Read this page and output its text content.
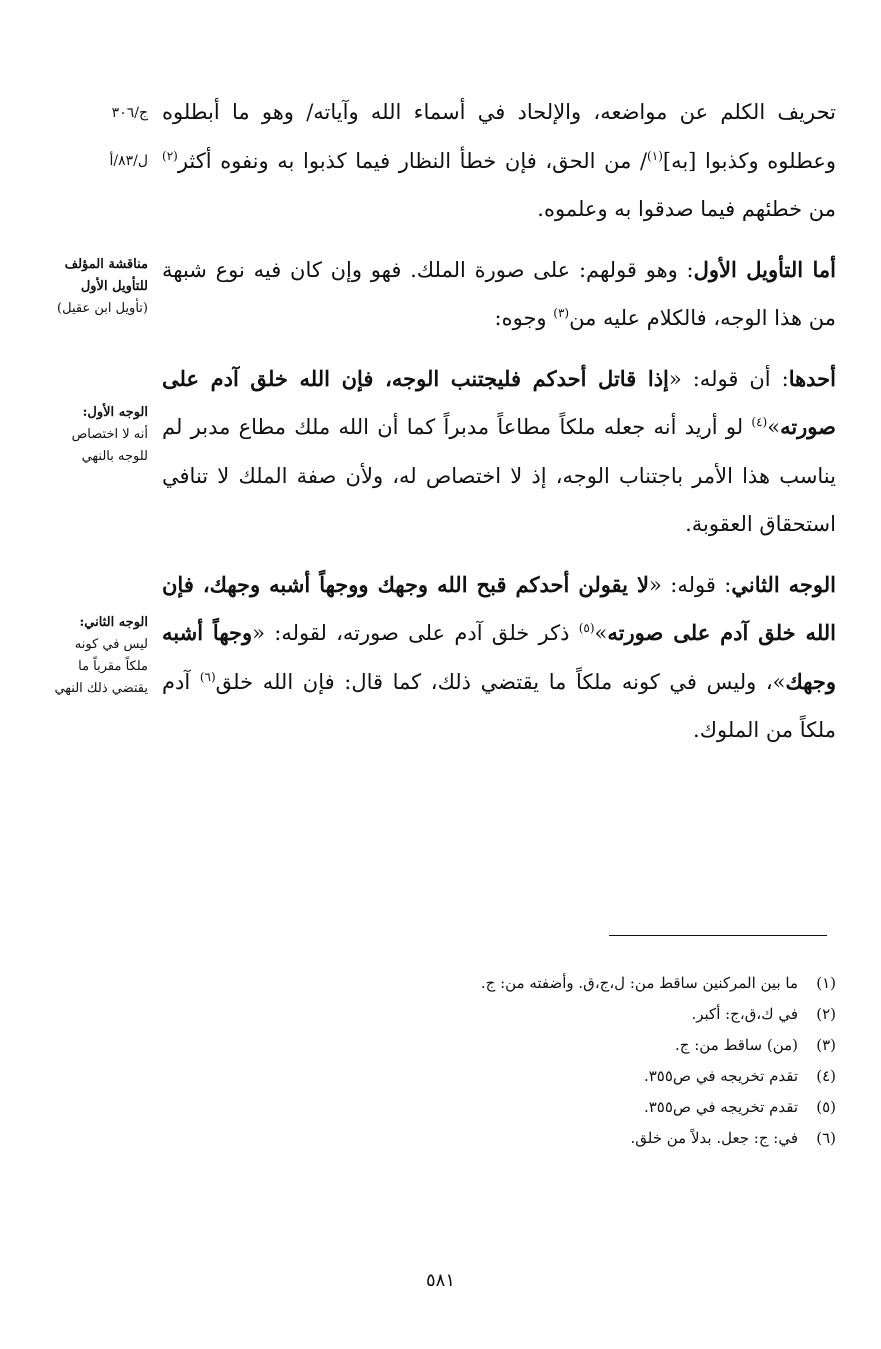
ج/٣٠٦
ل/٨٣/أ
مناقشة المؤلف للتأويل الأول
(تأويل ابن عقيل)
الوجه الأول:
أنه لا اختصاص للوجه بالنهي
الوجه الثاني:
ليس في كونه ملكاً مقرباً ما يقتضي ذلك النهي

تحريف الكلم عن مواضعه، والإلحاد في أسماء الله وآياته/ وهو ما أبطلوه وعطلوه وكذبوا [به]$^{(١)}$/ من الحق، فإن خطأ النظار فيما كذبوا به ونفوه أكثر$^{(٢)}$ من خطئهم فيما صدقوا به وعلموه.

أما التأويل الأول: وهو قولهم: على صورة الملك. فهو وإن كان فيه نوع شبهة من هذا الوجه، فالكلام عليه من$^{(٣)}$ وجوه:

أحدها: أن قوله: «إذا قاتل أحدكم فليجتنب الوجه، فإن الله خلق آدم على صورته»$^{(٤)}$ لو أريد أنه جعله ملكاً مطاعاً مدبراً كما أن الله ملك مطاع مدبر لم يناسب هذا الأمر باجتناب الوجه، إذ لا اختصاص له، ولأن صفة الملك لا تنافي استحقاق العقوبة.

الوجه الثاني: قوله: «لا يقولن أحدكم قبح الله وجهك ووجهاً أشبه وجهك، فإن الله خلق آدم على صورته»$^{(٥)}$ ذكر خلق آدم على صورته، لقوله: «وجهاً أشبه وجهك»، وليس في كونه ملكاً ما يقتضي ذلك، كما قال: فإن الله خلق$^{(٦)}$ آدم ملكاً من الملوك.

(١)ما بين المركنين ساقط من: ل،ج،ق. وأضفته من: ج.
(٢)في ك،ق،ج: أكبر.
(٣)(من) ساقط من: ج.
(٤)تقدم تخريجه في ص٣٥٥.
(٥)تقدم تخريجه في ص٣٥٥.
(٦)في: ج: جعل. بدلاً من خلق.
٥٨١
